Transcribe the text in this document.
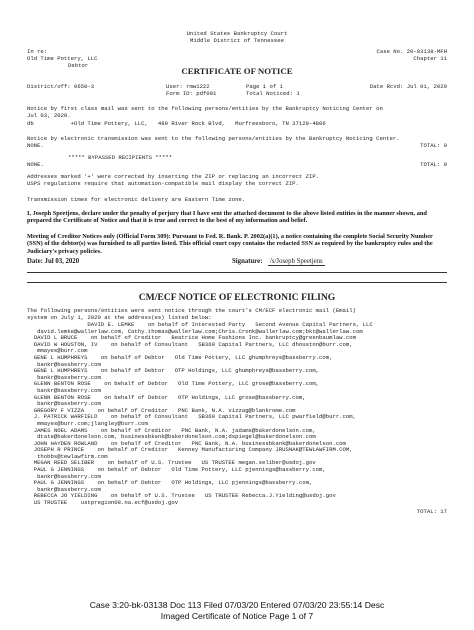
United States Bankruptcy Court
Middle District of Tennessee
In re:
Old Time Pottery, LLC
Debtor
Case No. 20-03138-MFH
Chapter 11
CERTIFICATE OF NOTICE
District/off: 0650-3	User: rmw1222	Page 1 of 1	Date Rcvd: Jul 01, 2020
Form ID: pdf001	Total Noticed: 1
Notice by first class mail was sent to the following persons/entities by the Bankruptcy Noticing Center on
Jul 03, 2020.
db           +Old Time Pottery, LLC,   480 River Rock Blvd,   Murfreesboro, TN 37128-4806
Notice by electronic transmission was sent to the following persons/entities by the Bankruptcy Noticing Center.
NONE.	TOTAL: 0
***** BYPASSED RECIPIENTS *****
NONE.	TOTAL: 0
Addresses marked '+' were corrected by inserting the ZIP or replacing an incorrect ZIP.
USPS regulations require that automation-compatible mail display the correct ZIP.
Transmission times for electronic delivery are Eastern Time zone.
I, Joseph Speetjens, declare under the penalty of perjury that I have sent the attached document to the above listed entities in the manner shown, and prepared the Certificate of Notice and that it is true and correct to the best of my information and belief.
Meeting of Creditor Notices only (Official Form 309): Pursuant to Fed. R. Bank. P. 2002(a)(1), a notice containing the complete Social Security Number (SSN) of the debtor(s) was furnished to all parties listed. This official court copy contains the redacted SSN as required by the bankruptcy rules and the Judiciary's privacy policies.
Date: Jul 03, 2020	Signature: /s/Joseph Speetjens
CM/ECF NOTICE OF ELECTRONIC FILING
The following persons/entities were sent notice through the court's CM/ECF electronic mail (Email)
system on July 1, 2020 at the address(es) listed below:
DAVID E. LEMKE    on behalf of Interested Party   Second Avenue Capital Partners, LLC
david.lemke@wallerlaw.com, Cathy.thomas@wallerlaw.com;Chris.Cronk@wallerlaw.com;bkt@wallerlaw.com
DAVID L BRUCE    on behalf of Creditor   Beatrice Home Fashions Inc. bankruptcy@greenbaumlaw.com
DAVID W HOUSTON, IV    on behalf of Consultant   SB360 Capital Partners, LLC dhouston@burr.com,
mmayes@burr.com
GENE L HUMPHREYS    on behalf of Debtor   Old Time Pottery, LLC ghumphreys@bassberry.com,
bankr@bassberry.com
GENE L HUMPHREYS    on behalf of Debtor   OTP Holdings, LLC ghumphreys@bassberry.com,
bankr@bassberry.com
GLENN BENTON ROSE    on behalf of Debtor   Old Time Pottery, LLC grose@bassberry.com,
bankr@bassberry.com
GLENN BENTON ROSE    on behalf of Debtor   OTP Holdings, LLC grose@bassberry.com,
bankr@bassberry.com
GREGORY F VIZZA    on behalf of Creditor   PNC Bank, N.A. vizzag@blankrome.com
J. PATRICK WARFIELD    on behalf of Consultant   SB360 Capital Partners, LLC pwarfield@burr.com,
mmayes@burr.com;jlangley@burr.com
JAMES NOEL ADAMS    on behalf of Creditor   PNC Bank, N.A. jadams@bakerdonelson.com,
dtate@bakerdonelson.com, businessbkank@bakerdonelson.com;dspiegel@bakerdonelson.com
JOHN HAYDEN ROWLAND    on behalf of Creditor   PNC Bank, N.A. businessbkank@bakerdonelson.com
JOSEPH R PRINCE    on behalf of Creditor   Kenney Manufacturing Company JRUSNAK@TEWLAWFIRM.COM,
thobbs@tewlawfirm.com
MEGAN REED SELIBER    on behalf of U.S. Trustee   US TRUSTEE megan.seliber@usdoj.gov
PAUL G JENNINGS    on behalf of Debtor   Old Time Pottery, LLC pjennings@bassberry.com,
bankr@bassberry.com
PAUL G JENNINGS    on behalf of Debtor   OTP Holdings, LLC pjennings@bassberry.com,
bankr@bassberry.com
REBECCA JO YIELDING    on behalf of U.S. Trustee   US TRUSTEE Rebecca.J.Yielding@usdoj.gov
US TRUSTEE    ustpregion08.na.ecf@usdoj.gov
TOTAL: 17
Case 3:20-bk-03138 Doc 113 Filed 07/03/20 Entered 07/03/20 23:55:14 Desc
Imaged Certificate of Notice Page 1 of 7
